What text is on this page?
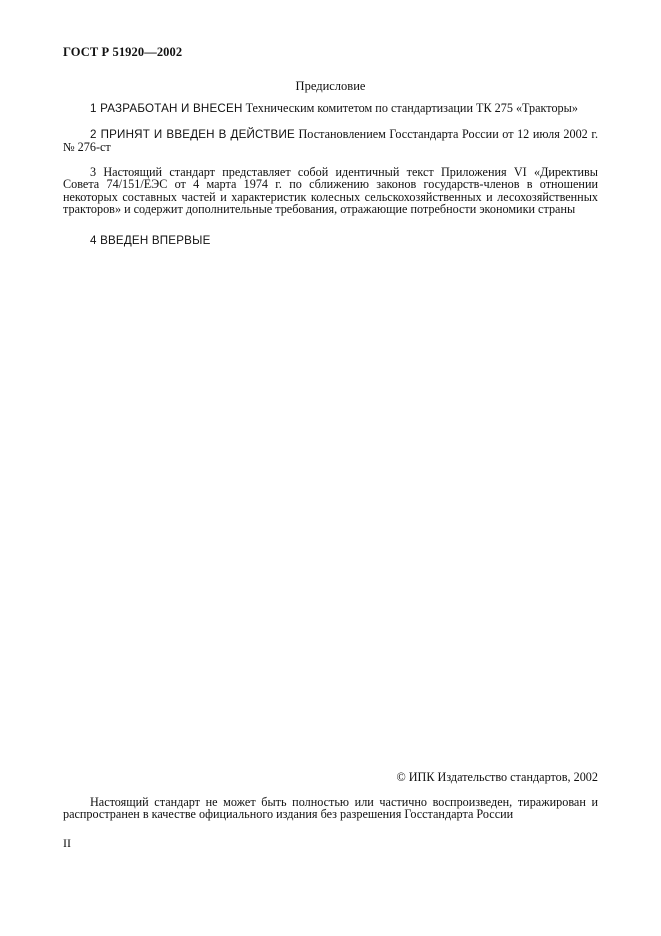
ГОСТ Р 51920—2002
Предисловие
1 РАЗРАБОТАН И ВНЕСЕН Техническим комитетом по стандартизации ТК 275 «Тракторы»
2 ПРИНЯТ И ВВЕДЕН В ДЕЙСТВИЕ Постановлением Госстандарта России от 12 июля 2002 г. № 276-ст
3 Настоящий стандарт представляет собой идентичный текст Приложения VI «Директивы Совета 74/151/ЕЭС от 4 марта 1974 г. по сближению законов государств-членов в отношении некоторых составных частей и характеристик колесных сельскохозяйственных и лесохозяйственных тракторов» и содержит дополнительные требования, отражающие потребности экономики страны
4 ВВЕДЕН ВПЕРВЫЕ
© ИПК Издательство стандартов, 2002
Настоящий стандарт не может быть полностью или частично воспроизведен, тиражирован и распространен в качестве официального издания без разрешения Госстандарта России
II
